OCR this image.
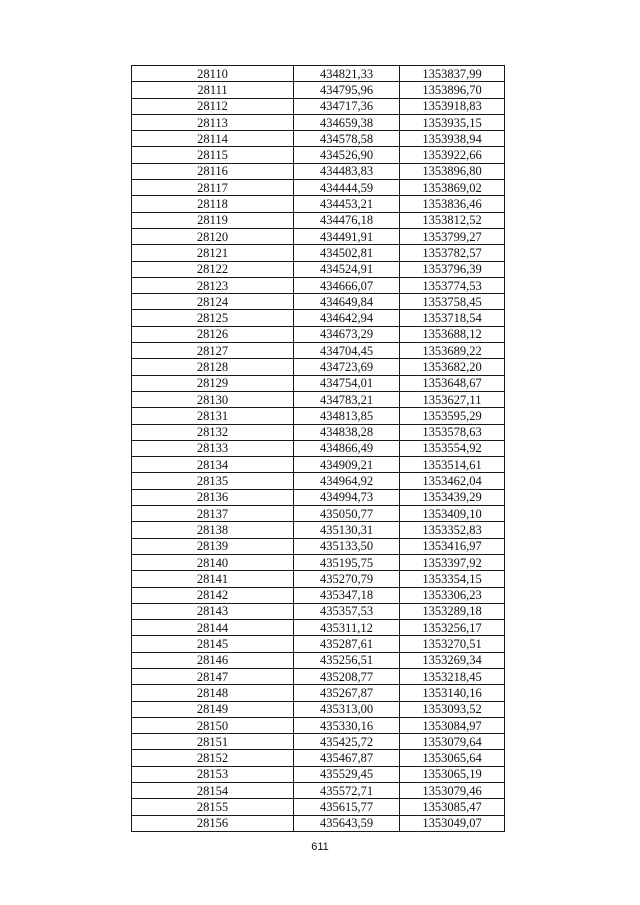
28110	434821,33	1353837,99
28111	434795,96	1353896,70
28112	434717,36	1353918,83
28113	434659,38	1353935,15
28114	434578,58	1353938,94
28115	434526,90	1353922,66
28116	434483,83	1353896,80
28117	434444,59	1353869,02
28118	434453,21	1353836,46
28119	434476,18	1353812,52
28120	434491,91	1353799,27
28121	434502,81	1353782,57
28122	434524,91	1353796,39
28123	434666,07	1353774,53
28124	434649,84	1353758,45
28125	434642,94	1353718,54
28126	434673,29	1353688,12
28127	434704,45	1353689,22
28128	434723,69	1353682,20
28129	434754,01	1353648,67
28130	434783,21	1353627,11
28131	434813,85	1353595,29
28132	434838,28	1353578,63
28133	434866,49	1353554,92
28134	434909,21	1353514,61
28135	434964,92	1353462,04
28136	434994,73	1353439,29
28137	435050,77	1353409,10
28138	435130,31	1353352,83
28139	435133,50	1353416,97
28140	435195,75	1353397,92
28141	435270,79	1353354,15
28142	435347,18	1353306,23
28143	435357,53	1353289,18
28144	435311,12	1353256,17
28145	435287,61	1353270,51
28146	435256,51	1353269,34
28147	435208,77	1353218,45
28148	435267,87	1353140,16
28149	435313,00	1353093,52
28150	435330,16	1353084,97
28151	435425,72	1353079,64
28152	435467,87	1353065,64
28153	435529,45	1353065,19
28154	435572,71	1353079,46
28155	435615,77	1353085,47
28156	435643,59	1353049,07
611
